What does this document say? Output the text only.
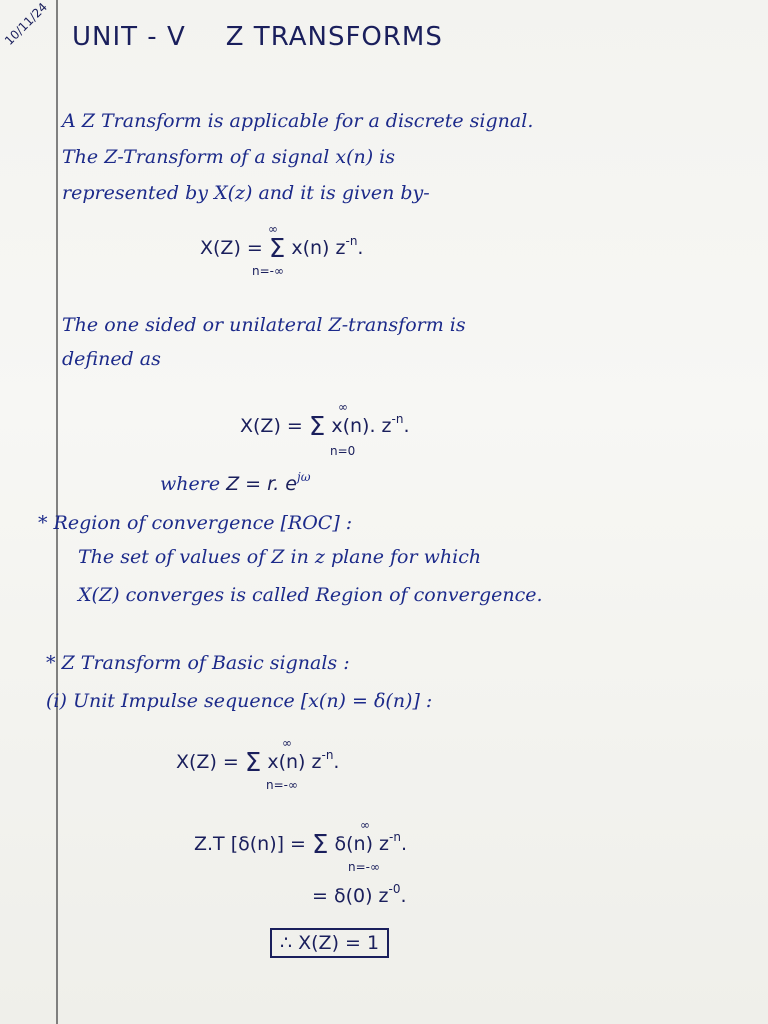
10/11/24 UNIT - V Z TRANSFORMS
A Z Transform is applicable for a discrete signal.
The Z-Transform of a signal x(n) is
represented by X(z) and it is given by-
X(Z) = Σ x(n) $z^{-n}$.
∞
n=-∞
The one sided or unilateral Z-transform is
defined as
X(Z) = Σ x(n). $z^{-n}$.
∞
n=0
where Z = r. $e^{j\omega}$
* Region of convergence [ROC] :
The set of values of Z in z plane for which
X(Z) converges is called Region of convergence.
* Z Transform of Basic signals :
(i) Unit Impulse sequence [x(n) = δ(n)] :
X(Z) = Σ x(n) $z^{-n}$.
∞
n=-∞
Z.T [δ(n)] = Σ δ(n) $z^{-n}$.
∞
n=-∞
= δ(0) $z^{-0}$.
∴ X(Z) = 1
